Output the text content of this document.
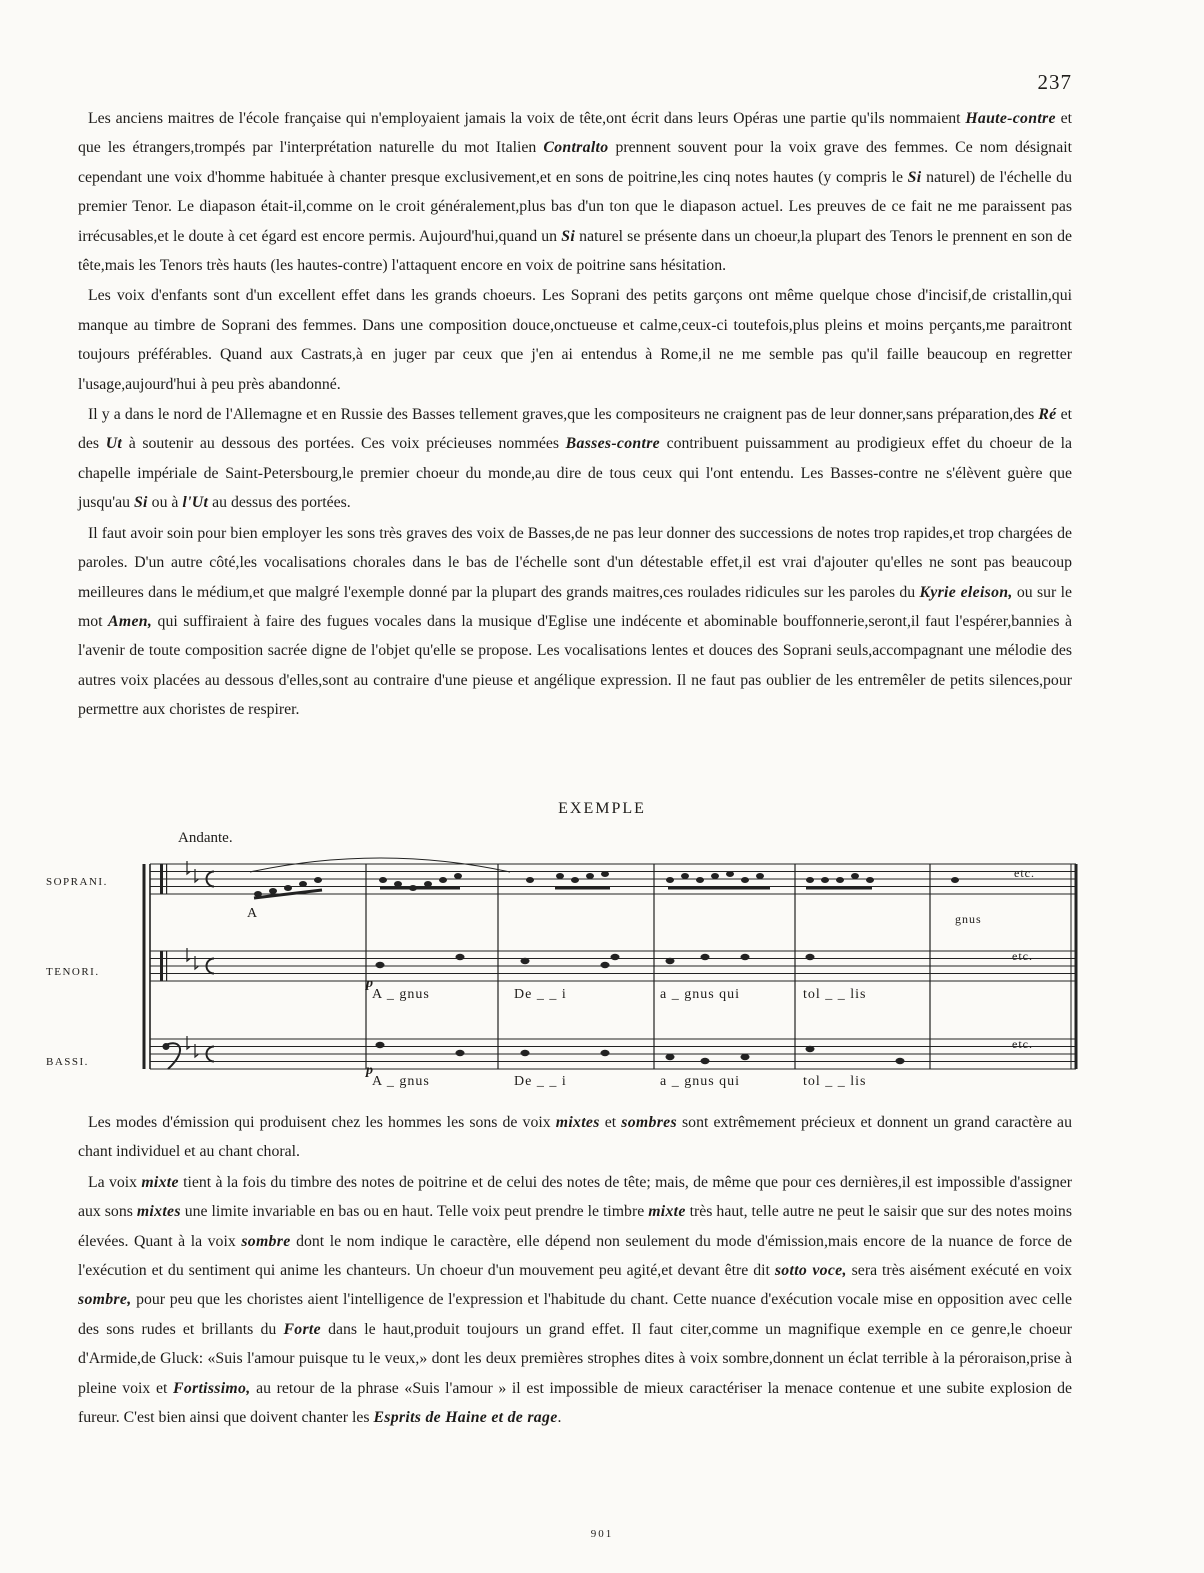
237

Les anciens maitres de l'école française qui n'employaient jamais la voix de tête,ont écrit dans leurs Opéras une partie qu'ils nommaient Haute-contre et que les étrangers,trompés par l'interprétation naturelle du mot Italien Contralto prennent souvent pour la voix grave des femmes. Ce nom désignait cependant une voix d'homme habituée à chanter presque exclusivement,et en sons de poitrine,les cinq notes hautes (y compris le Si naturel) de l'échelle du premier Tenor. Le diapason était-il,comme on le croit généralement,plus bas d'un ton que le diapason actuel. Les preuves de ce fait ne me paraissent pas irrécusables,et le doute à cet égard est encore permis. Aujourd'hui,quand un Si naturel se présente dans un choeur,la plupart des Tenors le prennent en son de tête,mais les Tenors très hauts (les hautes-contre) l'attaquent encore en voix de poitrine sans hésitation.

Les voix d'enfants sont d'un excellent effet dans les grands choeurs. Les Soprani des petits garçons ont même quelque chose d'incisif,de cristallin,qui manque au timbre de Soprani des femmes. Dans une composition douce,onctueuse et calme,ceux-ci toutefois,plus pleins et moins perçants,me paraitront toujours préférables. Quand aux Castrats,à en juger par ceux que j'en ai entendus à Rome,il ne me semble pas qu'il faille beaucoup en regretter l'usage,aujourd'hui à peu près abandonné.

Il y a dans le nord de l'Allemagne et en Russie des Basses tellement graves,que les compositeurs ne craignent pas de leur donner,sans préparation,des Ré et des Ut à soutenir au dessous des portées. Ces voix précieuses nommées Basses-contre contribuent puissamment au prodigieux effet du choeur de la chapelle impériale de Saint-Petersbourg,le premier choeur du monde,au dire de tous ceux qui l'ont entendu. Les Basses-contre ne s'élèvent guère que jusqu'au Si ou à l'Ut au dessus des portées.

Il faut avoir soin pour bien employer les sons très graves des voix de Basses,de ne pas leur donner des successions de notes trop rapides,et trop chargées de paroles. D'un autre côté,les vocalisations chorales dans le bas de l'échelle sont d'un détestable effet,il est vrai d'ajouter qu'elles ne sont pas beaucoup meilleures dans le médium,et que malgré l'exemple donné par la plupart des grands maitres,ces roulades ridicules sur les paroles du Kyrie eleison, ou sur le mot Amen, qui suffiraient à faire des fugues vocales dans la musique d'Eglise une indécente et abominable bouffonnerie,seront,il faut l'espérer,bannies à l'avenir de toute composition sacrée digne de l'objet qu'elle se propose. Les vocalisations lentes et douces des Soprani seuls,accompagnant une mélodie des autres voix placées au dessous d'elles,sont au contraire d'une pieuse et angélique expression. Il ne faut pas oublier de les entremêler de petits silences,pour permettre aux choristes de respirer.

EXEMPLE
Andante.
SOPRANI.
TENORI.
BASSI.
A	gnus
etc.
p
A _ gnus	De _ _ i	a _ gnus qui	tol _ _ lis
etc.
p
A _ gnus	De _ _ i	a _ gnus qui	tol _ _ lis
etc.

Les modes d'émission qui produisent chez les hommes les sons de voix mixtes et sombres sont extrêmement précieux et donnent un grand caractère au chant individuel et au chant choral.

La voix mixte tient à la fois du timbre des notes de poitrine et de celui des notes de tête; mais, de même que pour ces dernières,il est impossible d'assigner aux sons mixtes une limite invariable en bas ou en haut. Telle voix peut prendre le timbre mixte très haut, telle autre ne peut le saisir que sur des notes moins élevées. Quant à la voix sombre dont le nom indique le caractère, elle dépend non seulement du mode d'émission,mais encore de la nuance de force de l'exécution et du sentiment qui anime les chanteurs. Un choeur d'un mouvement peu agité,et devant être dit sotto voce, sera très aisément exécuté en voix sombre, pour peu que les choristes aient l'intelligence de l'expression et l'habitude du chant. Cette nuance d'exécution vocale mise en opposition avec celle des sons rudes et brillants du Forte dans le haut,produit toujours un grand effet. Il faut citer,comme un magnifique exemple en ce genre,le choeur d'Armide,de Gluck: «Suis l'amour puisque tu le veux,» dont les deux premières strophes dites à voix sombre,donnent un éclat terrible à la péroraison,prise à pleine voix et Fortissimo, au retour de la phrase «Suis l'amour » il est impossible de mieux caractériser la menace contenue et une subite explosion de fureur. C'est bien ainsi que doivent chanter les Esprits de Haine et de rage.

901
